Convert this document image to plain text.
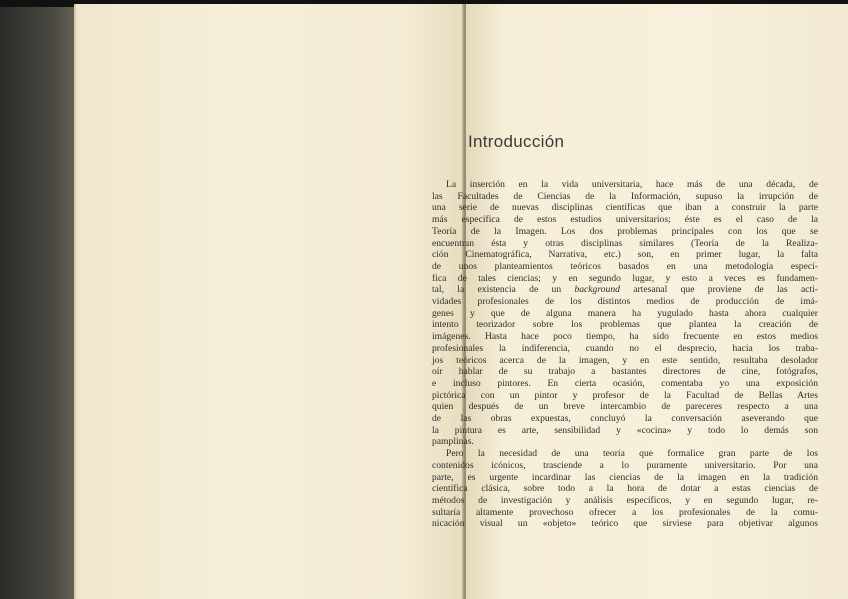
Introducción
La inserción en la vida universitaria, hace más de una década, de
las Facultades de Ciencias de la Información, supuso la irrupción de
una serie de nuevas disciplinas científicas que iban a construir la parte
más específica de estos estudios universitarios; éste es el caso de la
Teoría de la Imagen. Los dos problemas principales con los que se
encuentran ésta y otras disciplinas similares (Teoría de la Realiza-
ción Cinematográfica, Narrativa, etc.) son, en primer lugar, la falta
de unos planteamientos teóricos basados en una metodología especí-
fica de tales ciencias; y en segundo lugar, y esto a veces es fundamen-
tal, la existencia de un background artesanal que proviene de las acti-
vidades profesionales de los distintos medios de producción de imá-
genes y que de alguna manera ha yugulado hasta ahora cualquier
intento teorizador sobre los problemas que plantea la creación de
imágenes. Hasta hace poco tiempo, ha sido frecuente en estos medios
profesionales la indiferencia, cuando no el desprecio, hacia los traba-
jos teóricos acerca de la imagen, y en este sentido, resultaba desolador
oír hablar de su trabajo a bastantes directores de cine, fotógrafos,
e incluso pintores. En cierta ocasión, comentaba yo una exposición
pictórica con un pintor y profesor de la Facultad de Bellas Artes
quien después de un breve intercambio de pareceres respecto a una
de las obras expuestas, concluyó la conversación aseverando que
la pintura es arte, sensibilidad y «cocina» y todo lo demás son
pamplinas.
Pero la necesidad de una teoría que formalice gran parte de los
contenidos icónicos, trasciende a lo puramente universitario. Por una
parte, es urgente incardinar las ciencias de la imagen en la tradición
científica clásica, sobre todo a la hora de dotar a estas ciencias de
métodos de investigación y análisis específicos, y en segundo lugar, re-
sultaría altamente provechoso ofrecer a los profesionales de la comu-
nicación visual un «objeto» teórico que sirviese para objetivar algunos
